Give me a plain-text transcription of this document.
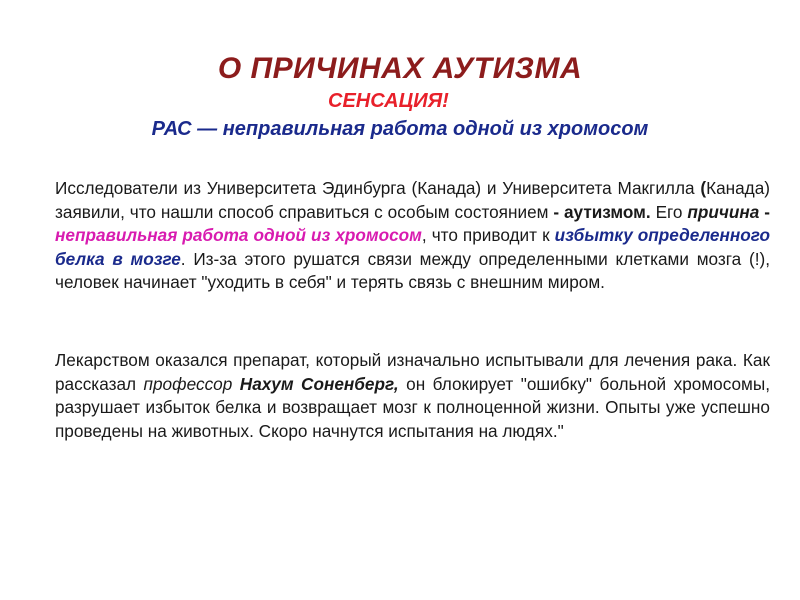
О ПРИЧИНАХ АУТИЗМА
СЕНСАЦИЯ!
РАС — неправильная работа одной из хромосом
Исследователи из Университета Эдинбурга (Канада) и Университета Макгилла (Канада) заявили, что нашли способ справиться с особым состоянием - аутизмом. Его причина - неправильная работа одной из хромосом, что приводит к избытку определенного белка в мозге. Из-за этого рушатся связи между определенными клетками мозга (!), человек начинает "уходить в себя" и терять связь с внешним миром.
Лекарством оказался препарат, который изначально испытывали для лечения рака. Как рассказал профессор Нахум Соненберг, он блокирует "ошибку" больной хромосомы, разрушает избыток белка и возвращает мозг к полноценной жизни. Опыты уже успешно проведены на животных. Скоро начнутся испытания на людях."
